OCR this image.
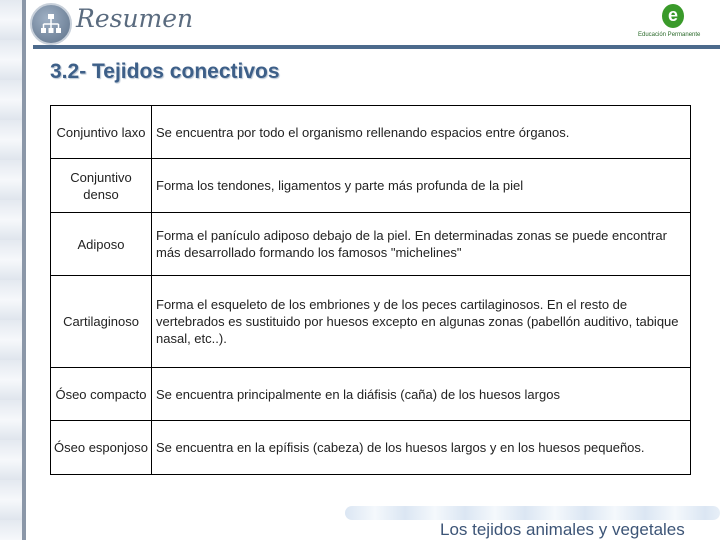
Resumen	e
Educación Permanente
3.2- Tejidos conectivos
Conjuntivo laxo	Se encuentra por todo el organismo rellenando espacios entre órganos.
Conjuntivo denso	Forma los tendones, ligamentos y parte más profunda de la piel
Adiposo	Forma el panículo adiposo debajo de la piel. En determinadas zonas se puede encontrar más desarrollado formando los famosos "michelines"
Cartilaginoso	Forma el esqueleto de los embriones y de los peces cartilaginosos. En el resto de vertebrados es sustituido por huesos excepto en algunas zonas (pabellón auditivo, tabique nasal, etc..).
Óseo compacto	Se encuentra principalmente en la diáfisis (caña) de los huesos largos
Óseo esponjoso	Se encuentra en la epífisis (cabeza) de los huesos largos y en los huesos pequeños.
Los tejidos animales y vegetales
